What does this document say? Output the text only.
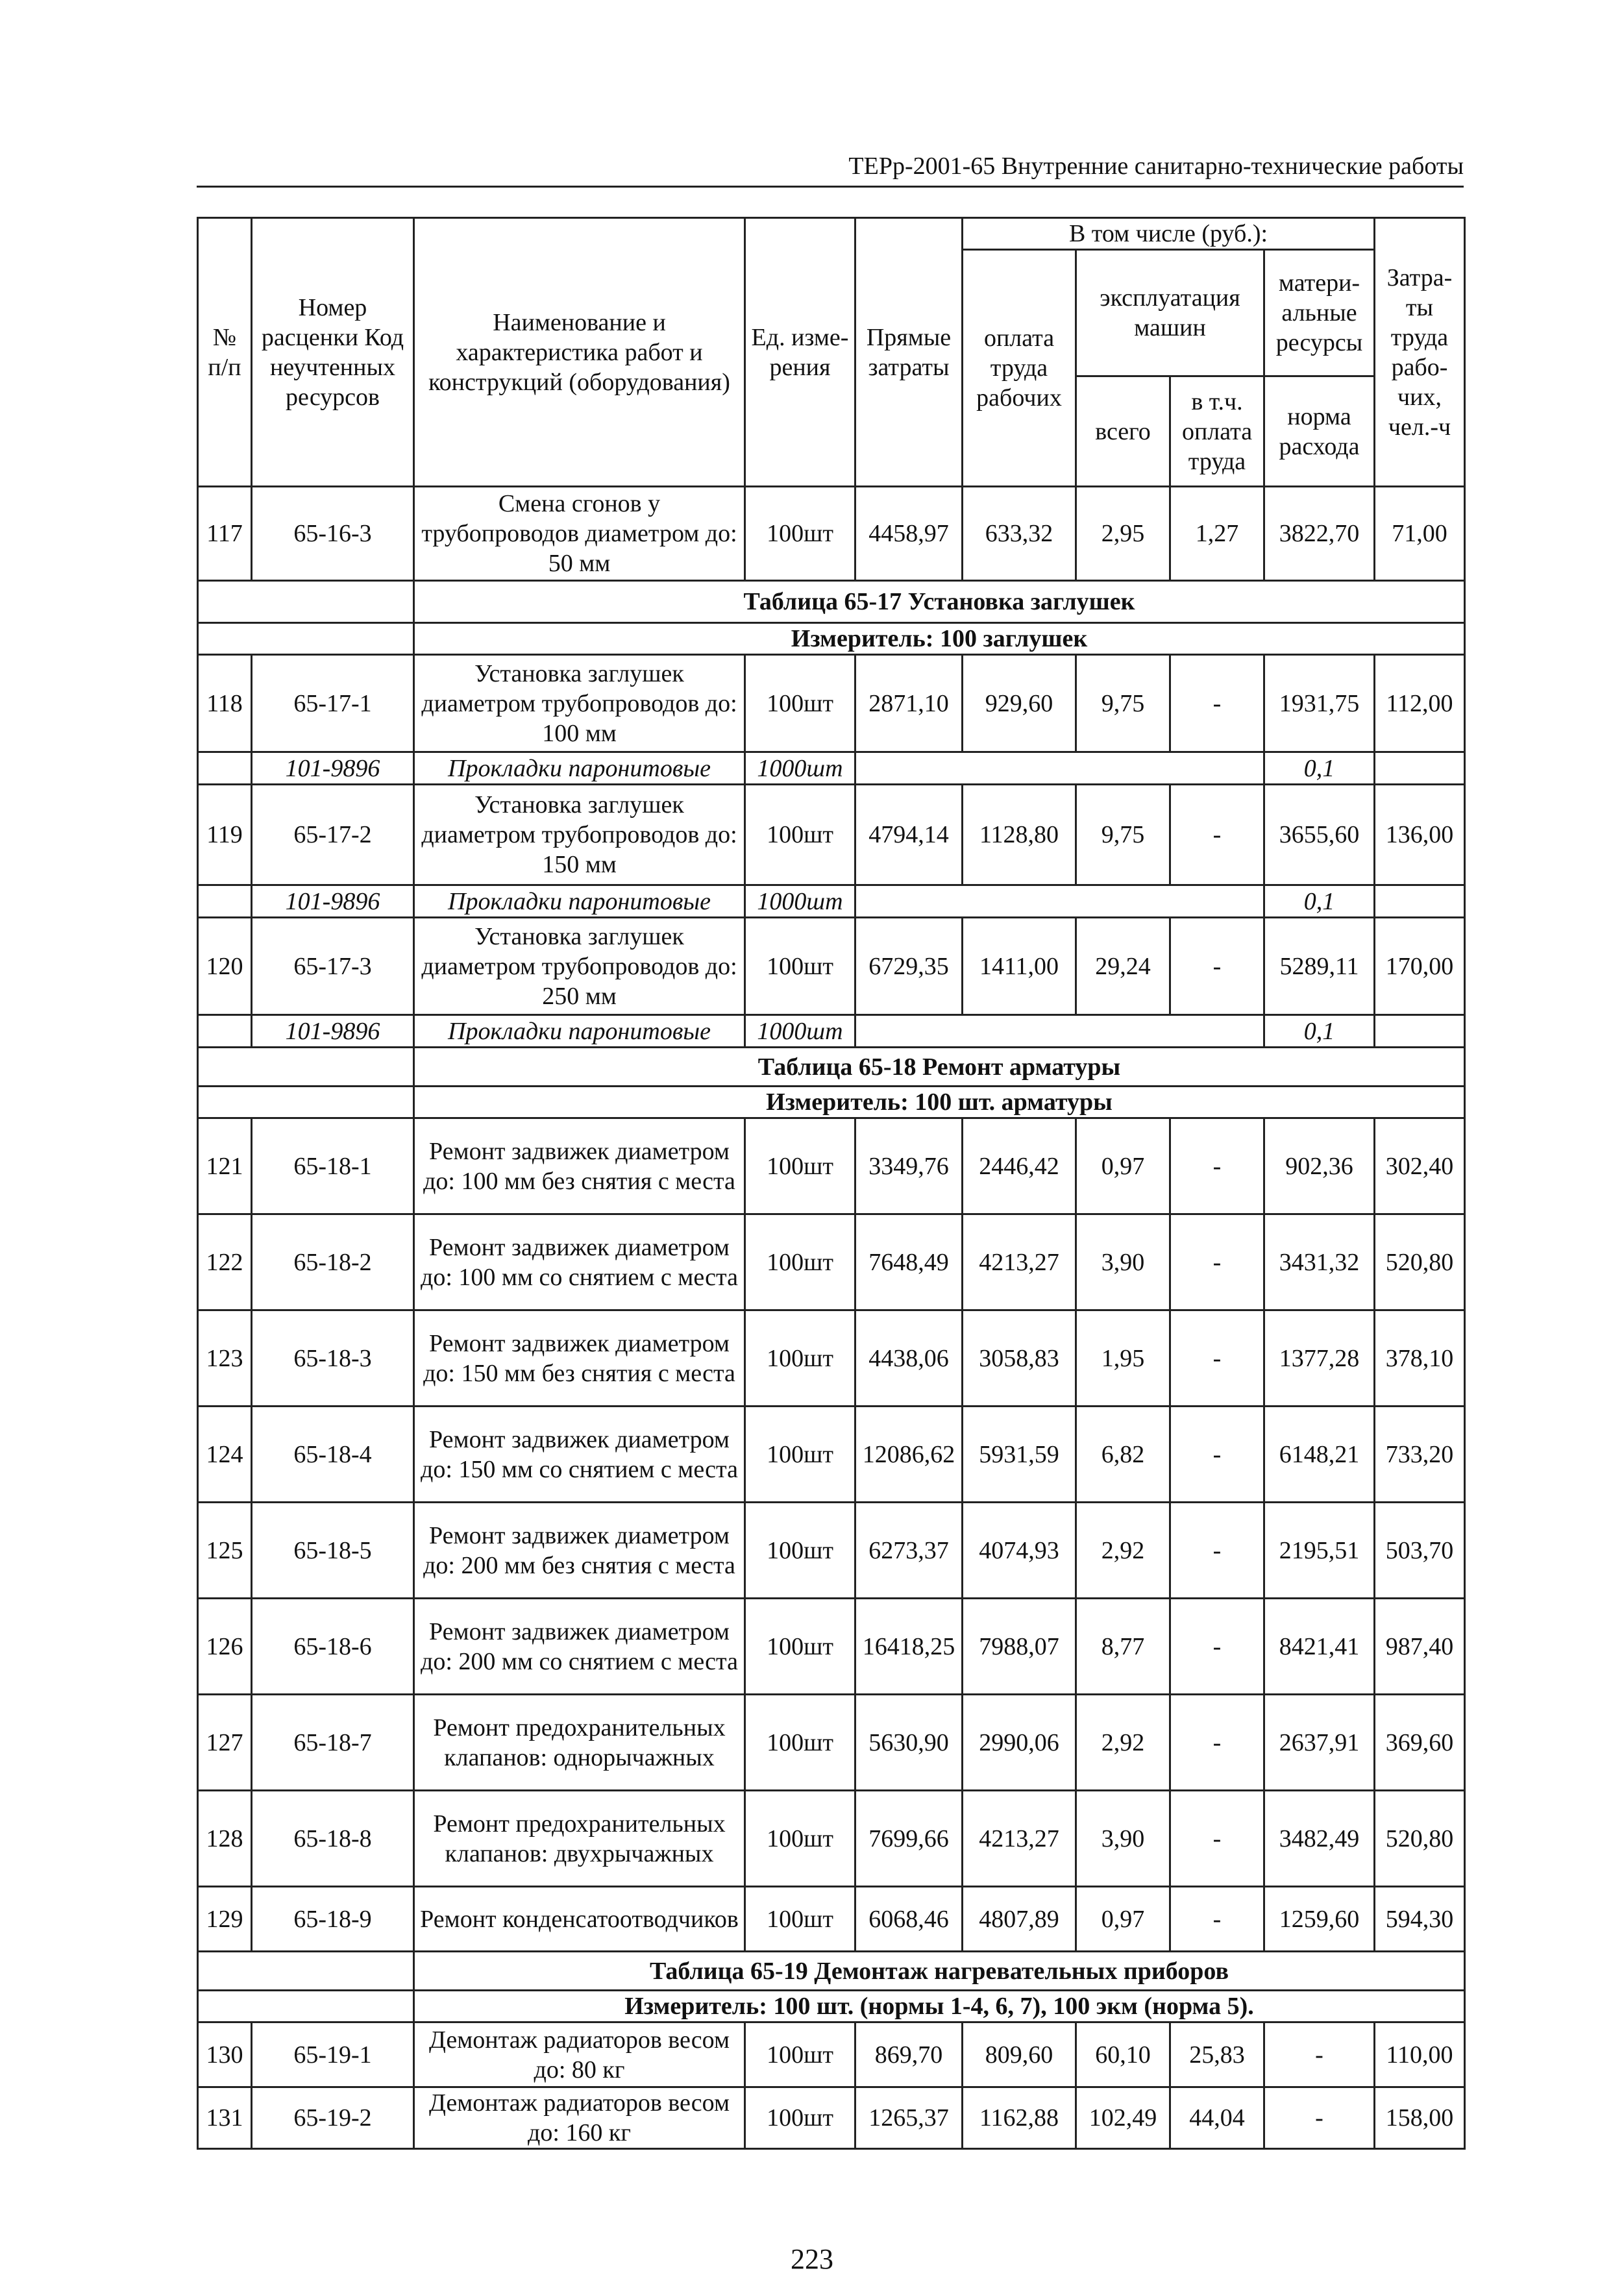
ТЕРр-2001-65 Внутренние санитарно-технические работы
№ п/п	Номер расценки Код неучтенных ресурсов	Наименование и характеристика работ и конструкций (оборудования)	Ед. изме- рения	Прямые затраты	В том числе (руб.):				Затра- ты труда рабо- чих, чел.-ч
					оплата труда рабочих	эксплуатация машин		матери- альные ресурсы	

						всего	в т.ч. оплата труда	норма расхода	
117	65-16-3	Смена сгонов у трубопроводов диаметром до: 50 мм	100шт	4458,97	633,32	2,95	1,27	3822,70	71,00
		Таблица 65-17 Установка заглушек							
		Измеритель: 100 заглушек							
118	65-17-1	Установка заглушек диаметром трубопроводов до: 100 мм	100шт	2871,10	929,60	9,75	-	1931,75	112,00
	101-9896	Прокладки паронитовые	1000шт					0,1	
119	65-17-2	Установка заглушек диаметром трубопроводов до: 150 мм	100шт	4794,14	1128,80	9,75	-	3655,60	136,00
	101-9896	Прокладки паронитовые	1000шт					0,1	
120	65-17-3	Установка заглушек диаметром трубопроводов до: 250 мм	100шт	6729,35	1411,00	29,24	-	5289,11	170,00
	101-9896	Прокладки паронитовые	1000шт					0,1	
		Таблица 65-18 Ремонт арматуры							
		Измеритель: 100 шт. арматуры							
121	65-18-1	Ремонт задвижек диаметром до: 100 мм без снятия с места	100шт	3349,76	2446,42	0,97	-	902,36	302,40
122	65-18-2	Ремонт задвижек диаметром до: 100 мм со снятием с места	100шт	7648,49	4213,27	3,90	-	3431,32	520,80
123	65-18-3	Ремонт задвижек диаметром до: 150 мм без снятия с места	100шт	4438,06	3058,83	1,95	-	1377,28	378,10
124	65-18-4	Ремонт задвижек диаметром до: 150 мм со снятием с места	100шт	12086,62	5931,59	6,82	-	6148,21	733,20
125	65-18-5	Ремонт задвижек диаметром до: 200 мм без снятия с места	100шт	6273,37	4074,93	2,92	-	2195,51	503,70
126	65-18-6	Ремонт задвижек диаметром до: 200 мм со снятием с места	100шт	16418,25	7988,07	8,77	-	8421,41	987,40
127	65-18-7	Ремонт предохранительных клапанов: однорычажных	100шт	5630,90	2990,06	2,92	-	2637,91	369,60
128	65-18-8	Ремонт предохранительных клапанов: двухрычажных	100шт	7699,66	4213,27	3,90	-	3482,49	520,80
129	65-18-9	Ремонт конденсатоотводчиков	100шт	6068,46	4807,89	0,97	-	1259,60	594,30
		Таблица 65-19 Демонтаж нагревательных приборов							
		Измеритель: 100 шт. (нормы 1-4, 6, 7), 100 экм (норма 5).							
130	65-19-1	Демонтаж радиаторов весом до: 80 кг	100шт	869,70	809,60	60,10	25,83	-	110,00
131	65-19-2	Демонтаж радиаторов весом до: 160 кг	100шт	1265,37	1162,88	102,49	44,04	-	158,00
223
